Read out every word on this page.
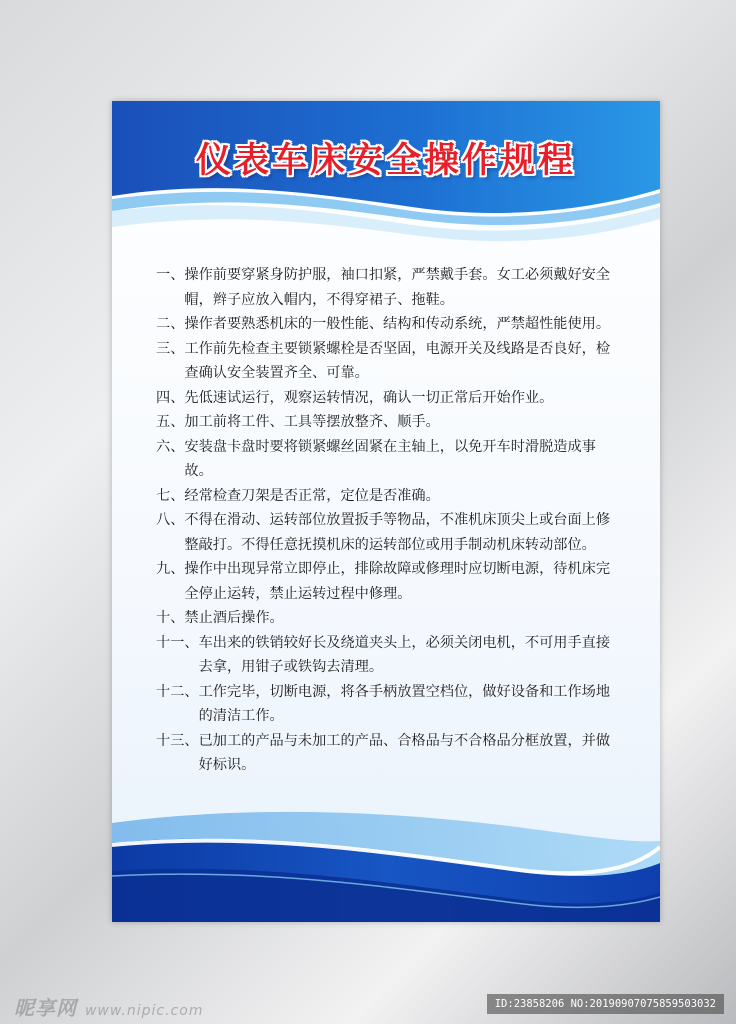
仪表车床安全操作规程
一、 操作前要穿紧身防护服，袖口扣紧，严禁戴手套。女工必须戴好安全帽，辫子应放入帽内，不得穿裙子、拖鞋。
二、 操作者要熟悉机床的一般性能、结构和传动系统，严禁超性能使用。
三、 工作前先检查主要锁紧螺栓是否坚固，电源开关及线路是否良好，检查确认安全装置齐全、可靠。
四、 先低速试运行，观察运转情况，确认一切正常后开始作业。
五、 加工前将工件、工具等摆放整齐、顺手。
六、 安装盘卡盘时要将锁紧螺丝固紧在主轴上，以免开车时滑脱造成事故。
七、 经常检查刀架是否正常，定位是否准确。
八、 不得在滑动、运转部位放置扳手等物品，不准机床顶尖上或台面上修整敲打。不得任意抚摸机床的运转部位或用手制动机床转动部位。
九、 操作中出现异常立即停止，排除故障或修理时应切断电源，待机床完全停止运转，禁止运转过程中修理。
十、 禁止酒后操作。
十一、 车出来的铁销较好长及绕道夹头上，必须关闭电机，不可用手直接去拿，用钳子或铁钩去清理。
十二、 工作完毕，切断电源，将各手柄放置空档位，做好设备和工作场地的清洁工作。
十三、 已加工的产品与未加工的产品、合格品与不合格品分框放置，并做好标识。
昵享网 www.nipic.com	ID:23858206 NO:20190907075859503032
